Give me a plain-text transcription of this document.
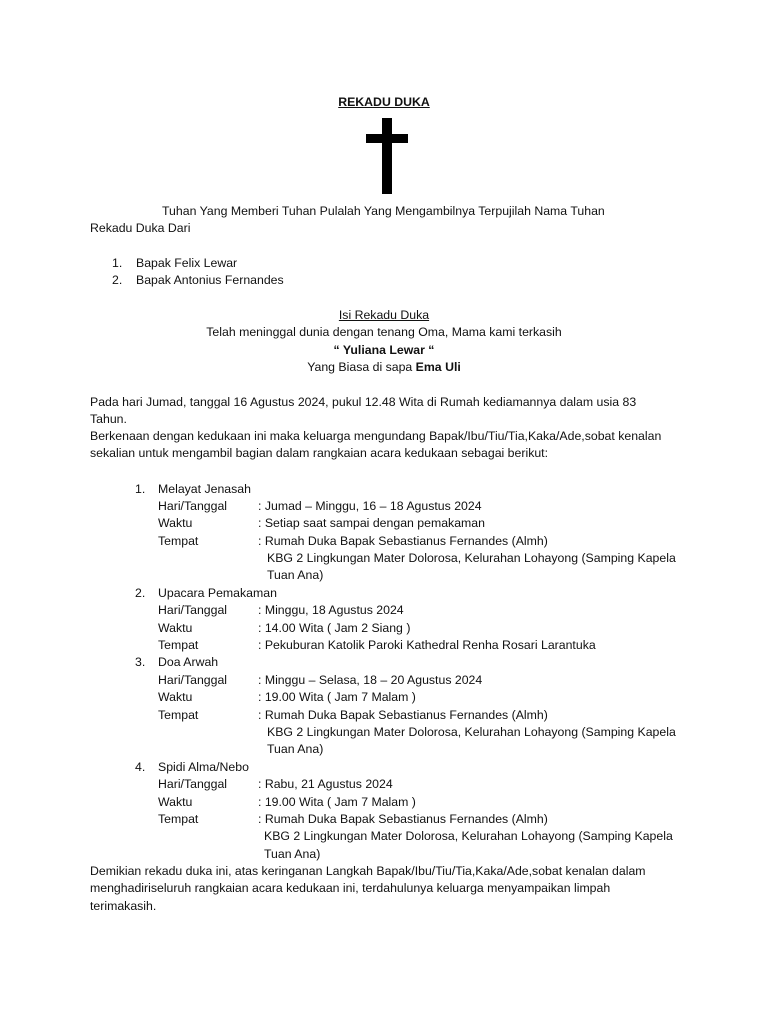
REKADU DUKA
Tuhan Yang Memberi Tuhan Pulalah Yang Mengambilnya Terpujilah Nama Tuhan
Rekadu Duka Dari
1. Bapak Felix Lewar
2. Bapak Antonius Fernandes
Isi Rekadu Duka
Telah meninggal dunia dengan tenang Oma, Mama kami terkasih
“ Yuliana Lewar “
Yang Biasa di sapa Ema Uli
Pada hari Jumad, tanggal 16 Agustus 2024, pukul 12.48 Wita di Rumah kediamannya dalam usia 83
Tahun.
Berkenaan dengan kedukaan ini maka keluarga mengundang Bapak/Ibu/Tiu/Tia,Kaka/Ade,sobat kenalan
sekalian untuk mengambil bagian dalam rangkaian acara kedukaan sebagai berikut:
1. Melayat Jenasah
Hari/Tanggal	: Jumad – Minggu, 16 – 18 Agustus 2024
Waktu	: Setiap saat sampai dengan pemakaman
Tempat	: Rumah Duka Bapak Sebastianus Fernandes (Almh)
KBG 2 Lingkungan Mater Dolorosa, Kelurahan Lohayong (Samping Kapela
Tuan Ana)
2. Upacara Pemakaman
Hari/Tanggal	: Minggu, 18 Agustus 2024
Waktu	: 14.00 Wita ( Jam 2 Siang )
Tempat	: Pekuburan Katolik Paroki Kathedral Renha Rosari Larantuka
3. Doa Arwah
Hari/Tanggal	: Minggu – Selasa, 18 – 20 Agustus 2024
Waktu	: 19.00 Wita ( Jam 7 Malam )
Tempat	: Rumah Duka Bapak Sebastianus Fernandes (Almh)
KBG 2 Lingkungan Mater Dolorosa, Kelurahan Lohayong (Samping Kapela
Tuan Ana)
4. Spidi Alma/Nebo
Hari/Tanggal	: Rabu, 21 Agustus 2024
Waktu	: 19.00 Wita ( Jam 7 Malam )
Tempat	: Rumah Duka Bapak Sebastianus Fernandes (Almh)
KBG 2 Lingkungan Mater Dolorosa, Kelurahan Lohayong (Samping Kapela
Tuan Ana)
Demikian rekadu duka ini, atas keringanan Langkah Bapak/Ibu/Tiu/Tia,Kaka/Ade,sobat kenalan dalam
menghadiriseluruh rangkaian acara kedukaan ini, terdahulunya keluarga menyampaikan limpah
terimakasih.
